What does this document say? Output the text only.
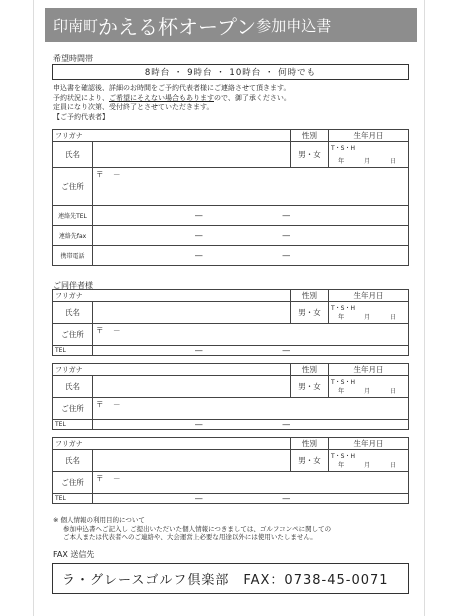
印南町 かえる杯オープン 参加申込書
希望時間帯
8時台 ・ 9時台 ・ 10時台 ・ 何時でも
申込書を確認後、詳細のお時間をご予約代表者様にご連絡させて頂きます。
予約状況により、ご希望にそえない場合もありますので、御了承ください。
定員になり次第、受付終了とさせていただきます。
【ご予約代表者】
フリガナ		性別	生年月日
氏名		男・女	T・S・H
年 月 日

ご住所	〒 －		

連絡先TEL	― ―		
連絡先fax	― ―		
携帯電話	― ―		
ご同伴者様
フリガナ		性別	生年月日
氏名		男・女	T・S・H
年 月 日

ご住所	〒 －		

TEL	― ―		
フリガナ		性別	生年月日
氏名		男・女	T・S・H
年 月 日

ご住所	〒 －		

TEL	― ―		
フリガナ		性別	生年月日
氏名		男・女	T・S・H
年 月 日

ご住所	〒 －		

TEL	― ―		
※ 個人情報の利用目的について
参加申込書へご記入し ご提出いただいた個人情報につきましては、ゴルフコンペに関しての
ご本人または代表者へのご連絡や、大会運営上必要な用途以外には使用いたしません。
FAX 送信先
ラ・グレースゴルフ倶楽部　FAX：0738-45-0071
